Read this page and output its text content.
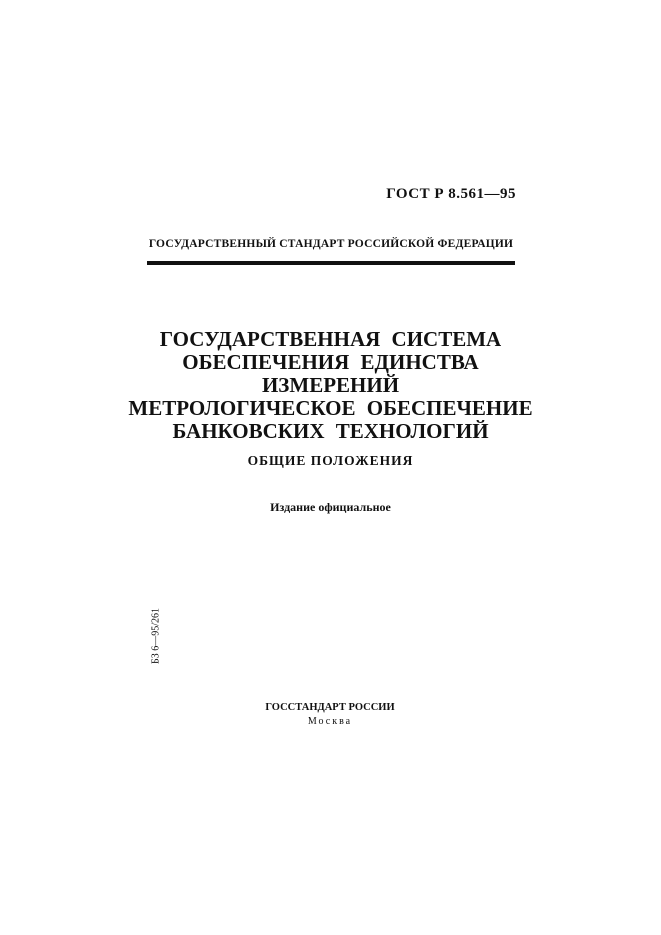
ГОСТ Р 8.561—95
ГОСУДАРСТВЕННЫЙ СТАНДАРТ РОССИЙСКОЙ ФЕДЕРАЦИИ
ГОСУДАРСТВЕННАЯ СИСТЕМА
ОБЕСПЕЧЕНИЯ ЕДИНСТВА
ИЗМЕРЕНИЙ
МЕТРОЛОГИЧЕСКОЕ ОБЕСПЕЧЕНИЕ
БАНКОВСКИХ ТЕХНОЛОГИЙ
ОБЩИЕ ПОЛОЖЕНИЯ
Издание официальное
БЗ 6—95/261
ГОССТАНДАРТ РОССИИ
Москва
